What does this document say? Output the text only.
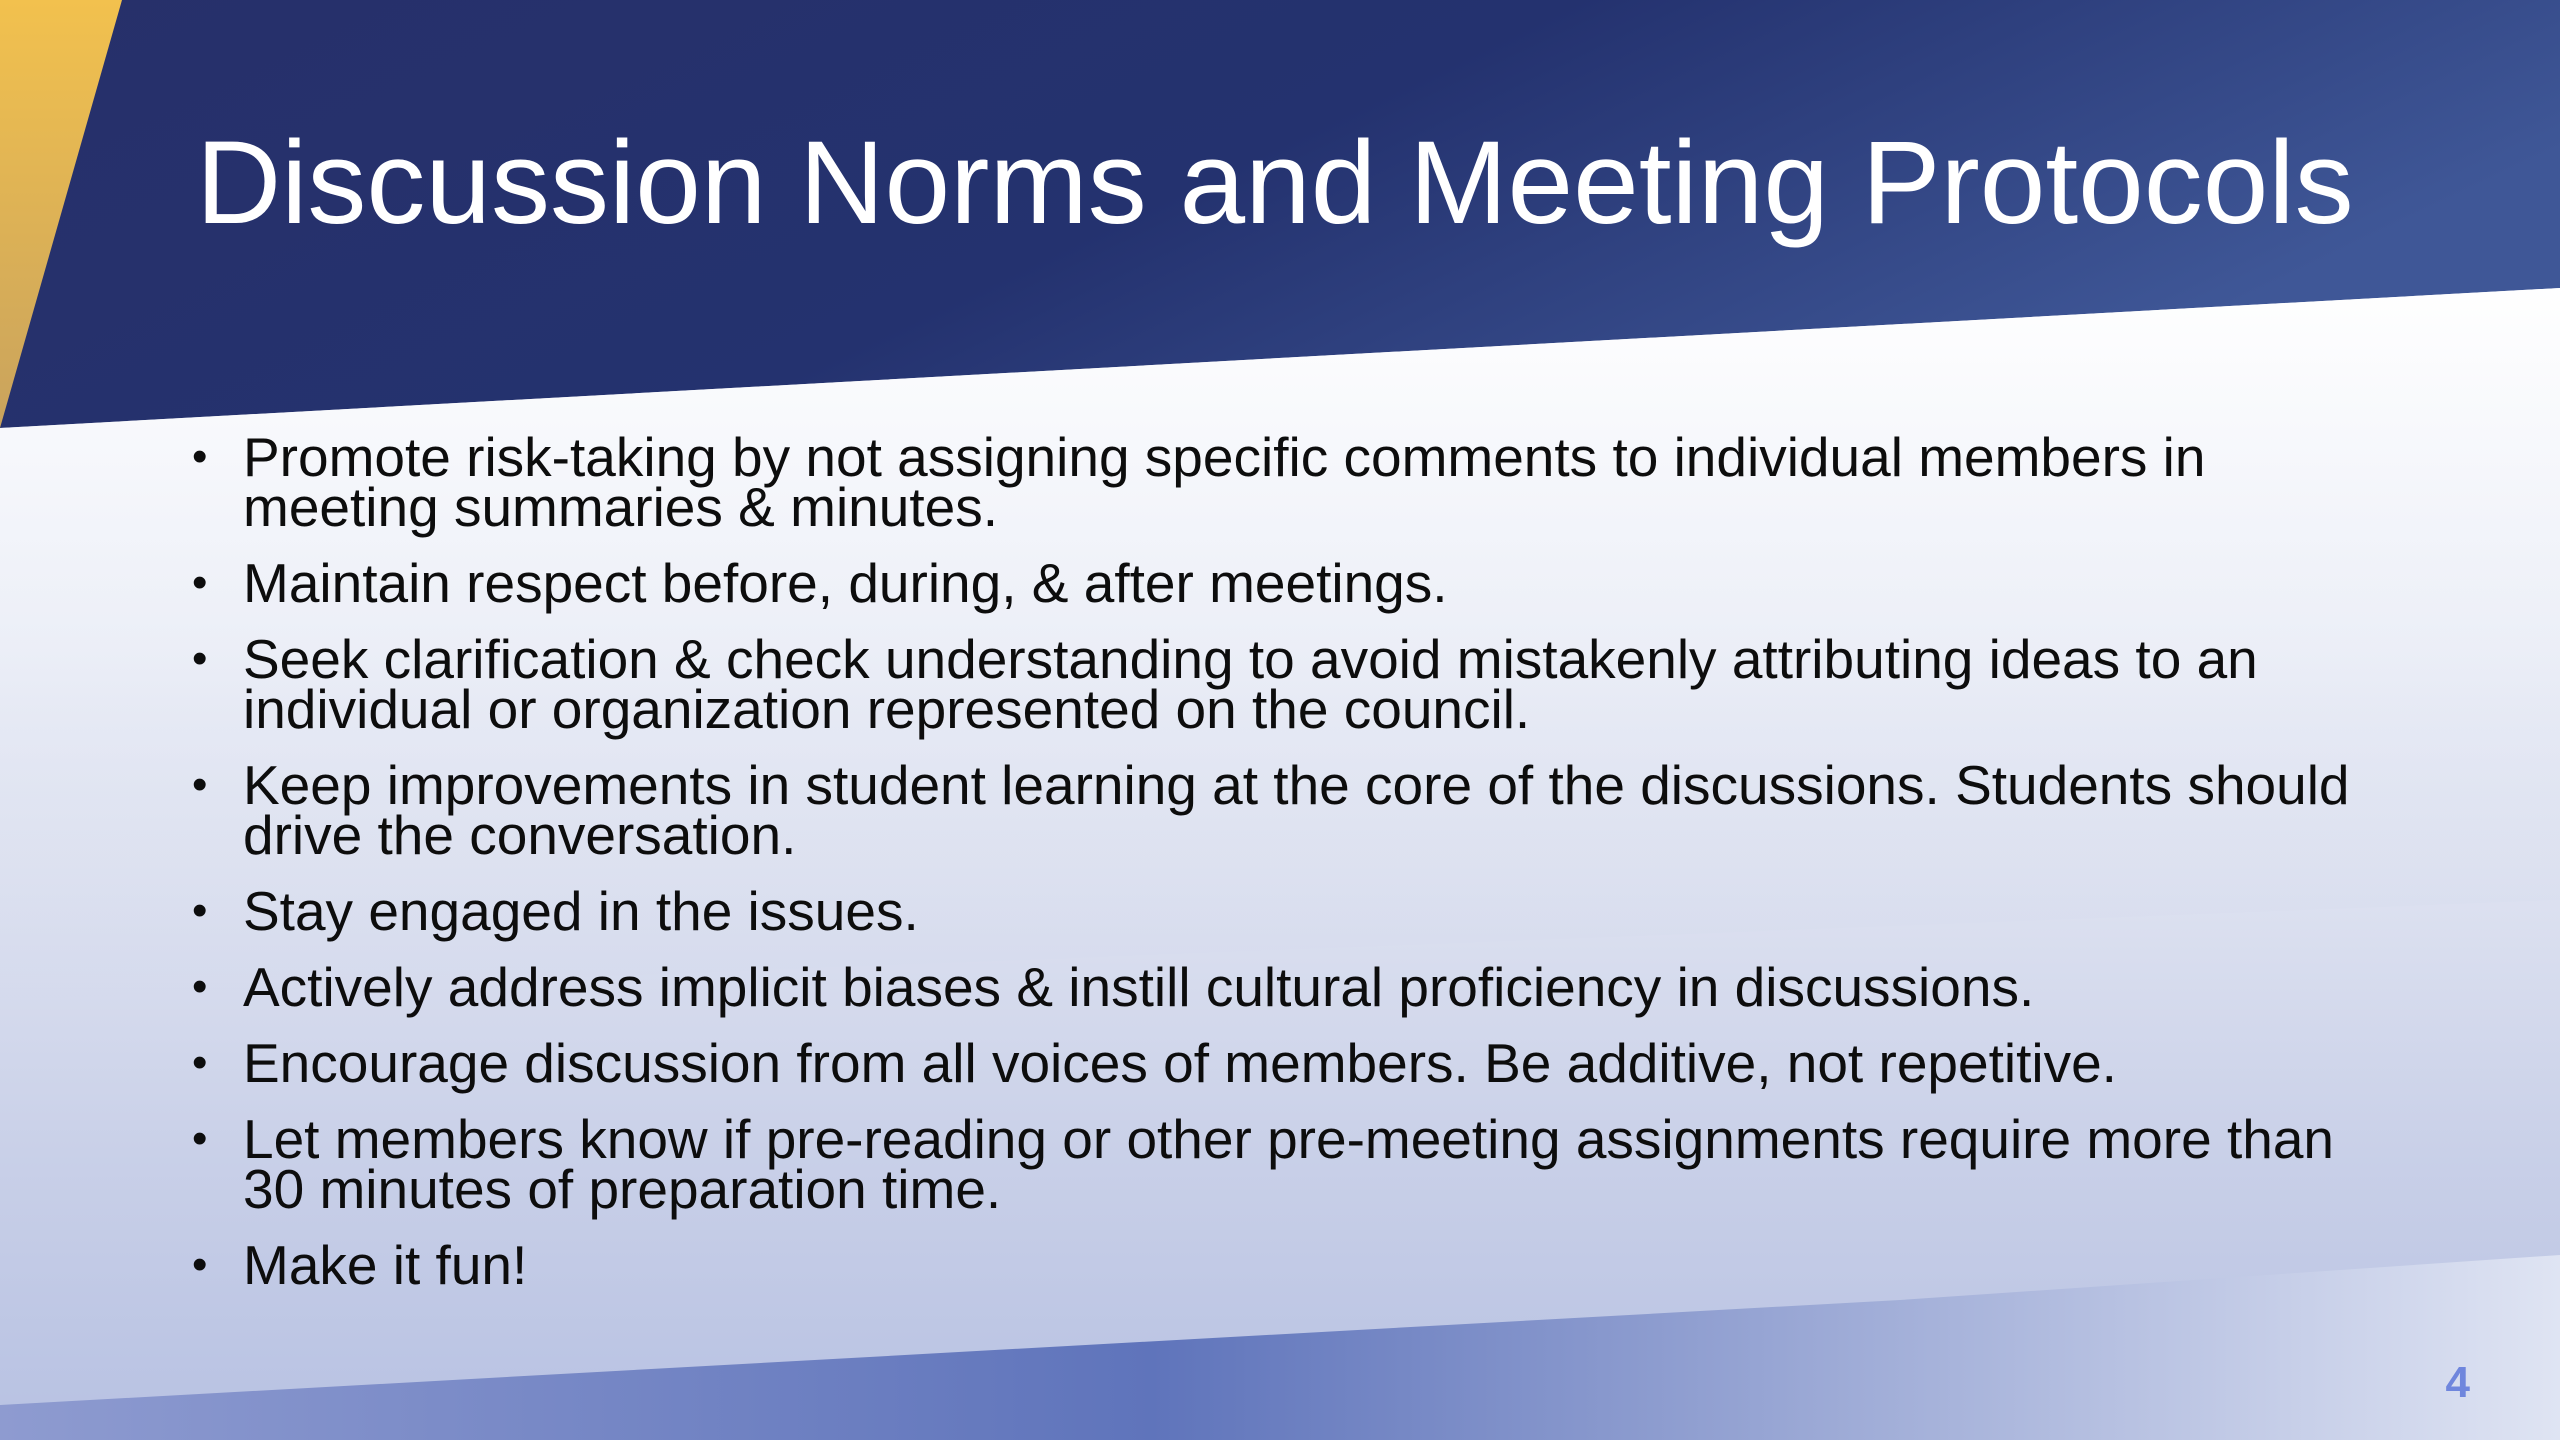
Discussion Norms and Meeting Protocols
• Promote risk-taking by not assigning specific comments to individual members in meeting summaries & minutes.
• Maintain respect before, during, & after meetings.
• Seek clarification & check understanding to avoid mistakenly attributing ideas to an individual or organization represented on the council.
• Keep improvements in student learning at the core of the discussions. Students should drive the conversation.
• Stay engaged in the issues.
• Actively address implicit biases & instill cultural proficiency in discussions.
• Encourage discussion from all voices of members. Be additive, not repetitive.
• Let members know if pre-reading or other pre-meeting assignments require more than 30 minutes of preparation time.
• Make it fun!
4
